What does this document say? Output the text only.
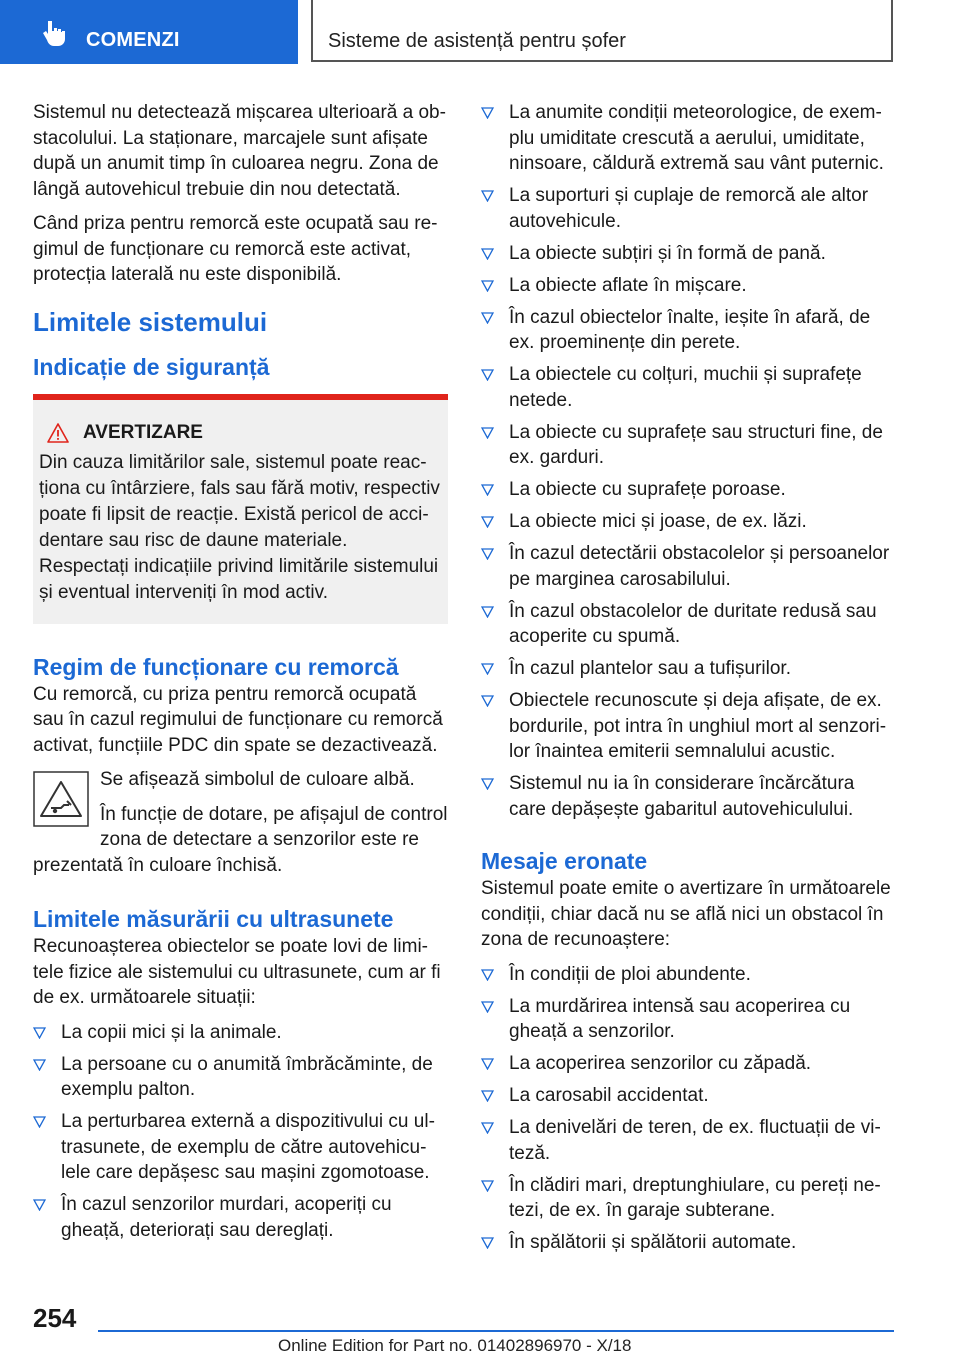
COMENZI	Sisteme de asistență pentru șofer

Sistemul nu detectează mișcarea ulterioară a obstacolului. La staționare, marcajele sunt afișate după un anumit timp în culoarea negru. Zona de lângă autovehicul trebuie din nou detectată.

Când priza pentru remorcă este ocupată sau regimul de funcționare cu remorcă este activat, protecția laterală nu este disponibilă.

Limitele sistemului
Indicație de siguranță
AVERTIZARE
Din cauza limitărilor sale, sistemul poate reacționa cu întârziere, fals sau fără motiv, respectiv poate fi lipsit de reacție. Există pericol de accidentare sau risc de daune materiale. Respectați indicațiile privind limitările sistemului și eventual interveniți în mod activ.
Regim de funcționare cu remorcă

Cu remorcă, cu priza pentru remorcă ocupată sau în cazul regimului de funcționare cu remorcă activat, funcțiile PDC din spate se dezactivează.

Se afișează simbolul de culoare albă.

În funcție de dotare, pe afișajul de control zona de detectare a senzorilor este re

prezentată în culoare închisă.

Limitele măsurării cu ultrasunete

Recunoașterea obiectelor se poate lovi de limitele fizice ale sistemului cu ultrasunete, cum ar fi de ex. următoarele situații:

La copii mici și la animale.
La persoane cu o anumită îmbrăcăminte, de exemplu palton.
La perturbarea externă a dispozitivului cu ultrasunete, de exemplu de către autovehiculele care depășesc sau mașini zgomotoase.
În cazul senzorilor murdari, acoperiți cu gheață, deteriorați sau dereglați.
La anumite condiții meteorologice, de exemplu umiditate crescută a aerului, umiditate, ninsoare, căldură extremă sau vânt puternic.
La suporturi și cuplaje de remorcă ale altor autovehicule.
La obiecte subțiri și în formă de pană.
La obiecte aflate în mișcare.
În cazul obiectelor înalte, ieșite în afară, de ex. proeminențe din perete.
La obiectele cu colțuri, muchii și suprafețe netede.
La obiecte cu suprafețe sau structuri fine, de ex. garduri.
La obiecte cu suprafețe poroase.
La obiecte mici și joase, de ex. lăzi.
În cazul detectării obstacolelor și persoanelor pe marginea carosabilului.
În cazul obstacolelor de duritate redusă sau acoperite cu spumă.
În cazul plantelor sau a tufișurilor.
Obiectele recunoscute și deja afișate, de ex. bordurile, pot intra în unghiul mort al senzorilor înaintea emiterii semnalului acustic.
Sistemul nu ia în considerare încărcătura care depășește gabaritul autovehiculului.
Mesaje eronate

Sistemul poate emite o avertizare în următoarele condiții, chiar dacă nu se află nici un obstacol în zona de recunoaștere:

În condiții de ploi abundente.
La murdărirea intensă sau acoperirea cu gheață a senzorilor.
La acoperirea senzorilor cu zăpadă.
La carosabil accidentat.
La denivelări de teren, de ex. fluctuații de viteză.
În clădiri mari, dreptunghiulare, cu pereți netezi, de ex. în garaje subterane.
În spălătorii și spălătorii automate.
254
Online Edition for Part no. 01402896970 - X/18
